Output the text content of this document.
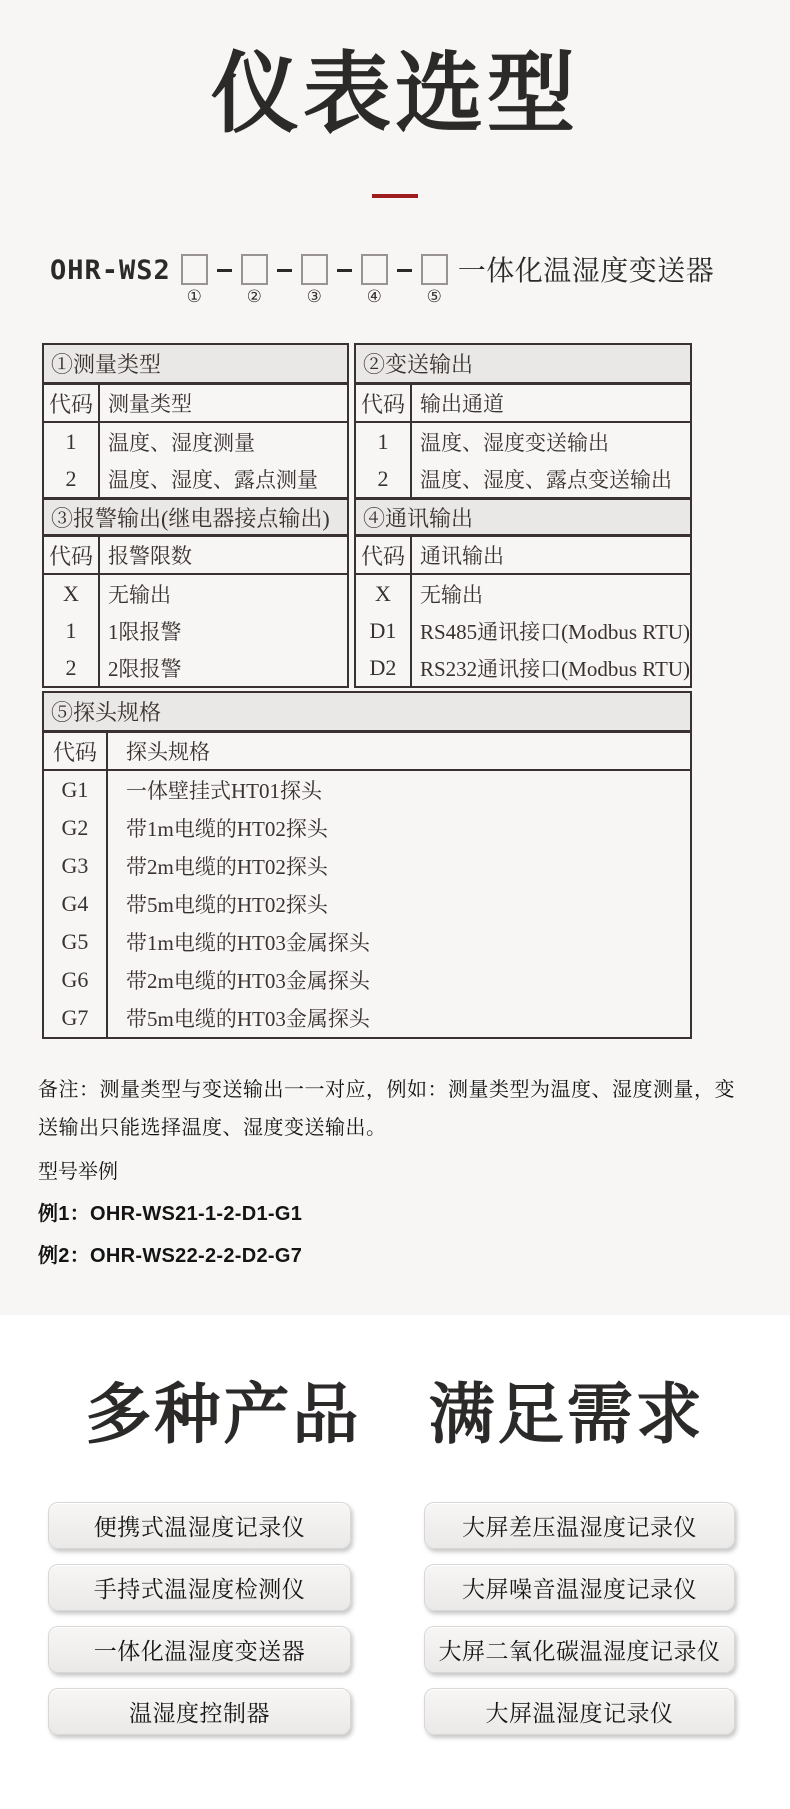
仪表选型
OHR-WS2
①	②	③	④	⑤
一体化温湿度变送器
①测量类型
代码 测量类型
1	温度、湿度测量
2	温度、湿度、露点测量
③报警输出(继电器接点输出)
代码 报警限数
X	无输出
1	1限报警
2	2限报警
②变送输出
代码 输出通道
1	温度、湿度变送输出
2	温度、湿度、露点变送输出
④通讯输出
代码 通讯输出
X	无输出
D1	RS485通讯接口(Modbus RTU)
D2	RS232通讯接口(Modbus RTU)
⑤探头规格
代码	探头规格
G1	一体壁挂式HT01探头
G2	带1m电缆的HT02探头
G3	带2m电缆的HT02探头
G4	带5m电缆的HT02探头
G5	带1m电缆的HT03金属探头
G6	带2m电缆的HT03金属探头
G7	带5m电缆的HT03金属探头
备注：测量类型与变送输出一一对应，例如：测量类型为温度、湿度测量，变送输出只能选择温度、湿度变送输出。
型号举例
例1：OHR-WS21-1-2-D1-G1
例2：OHR-WS22-2-2-D2-G7
多种产品 满足需求
便携式温湿度记录仪
手持式温湿度检测仪
一体化温湿度变送器
温湿度控制器
大屏差压温湿度记录仪
大屏噪音温湿度记录仪
大屏二氧化碳温湿度记录仪
大屏温湿度记录仪
